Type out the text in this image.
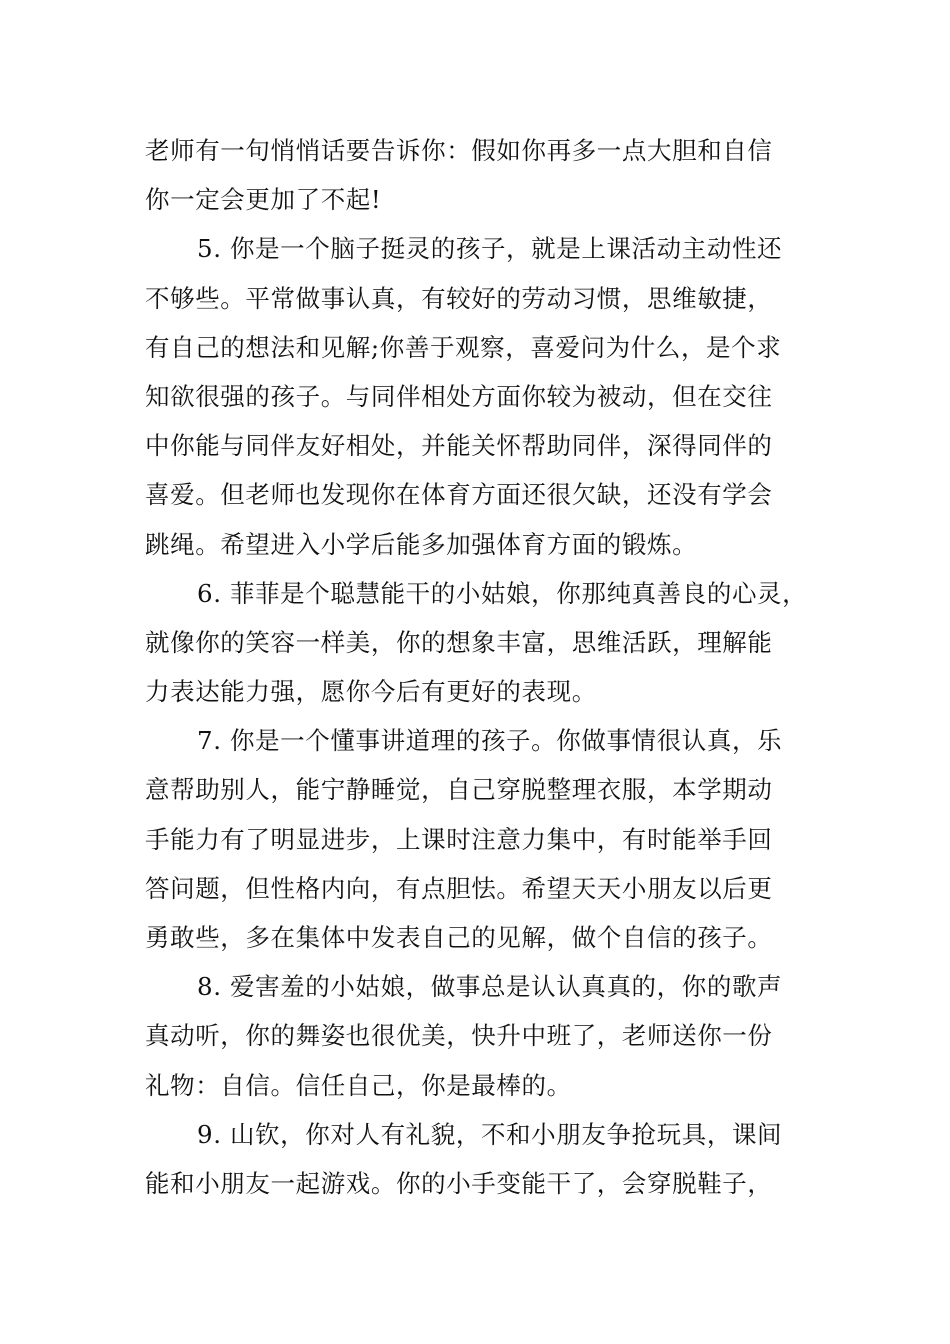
老师有一句悄悄话要告诉你：假如你再多一点大胆和自信
你一定会更加了不起!
5. 你是一个脑子挺灵的孩子，就是上课活动主动性还
不够些。平常做事认真，有较好的劳动习惯，思维敏捷，
有自己的想法和见解;你善于观察，喜爱问为什么，是个求
知欲很强的孩子。与同伴相处方面你较为被动，但在交往
中你能与同伴友好相处，并能关怀帮助同伴，深得同伴的
喜爱。但老师也发现你在体育方面还很欠缺，还没有学会
跳绳。希望进入小学后能多加强体育方面的锻炼。
6. 菲菲是个聪慧能干的小姑娘，你那纯真善良的心灵，
就像你的笑容一样美，你的想象丰富，思维活跃，理解能
力表达能力强，愿你今后有更好的表现。
7. 你是一个懂事讲道理的孩子。你做事情很认真，乐
意帮助别人，能宁静睡觉，自己穿脱整理衣服，本学期动
手能力有了明显进步，上课时注意力集中，有时能举手回
答问题，但性格内向，有点胆怯。希望天天小朋友以后更
勇敢些，多在集体中发表自己的见解，做个自信的孩子。
8. 爱害羞的小姑娘，做事总是认认真真的，你的歌声
真动听，你的舞姿也很优美，快升中班了，老师送你一份
礼物：自信。信任自己，你是最棒的。
9. 山钦，你对人有礼貌，不和小朋友争抢玩具，课间
能和小朋友一起游戏。你的小手变能干了，会穿脱鞋子，
